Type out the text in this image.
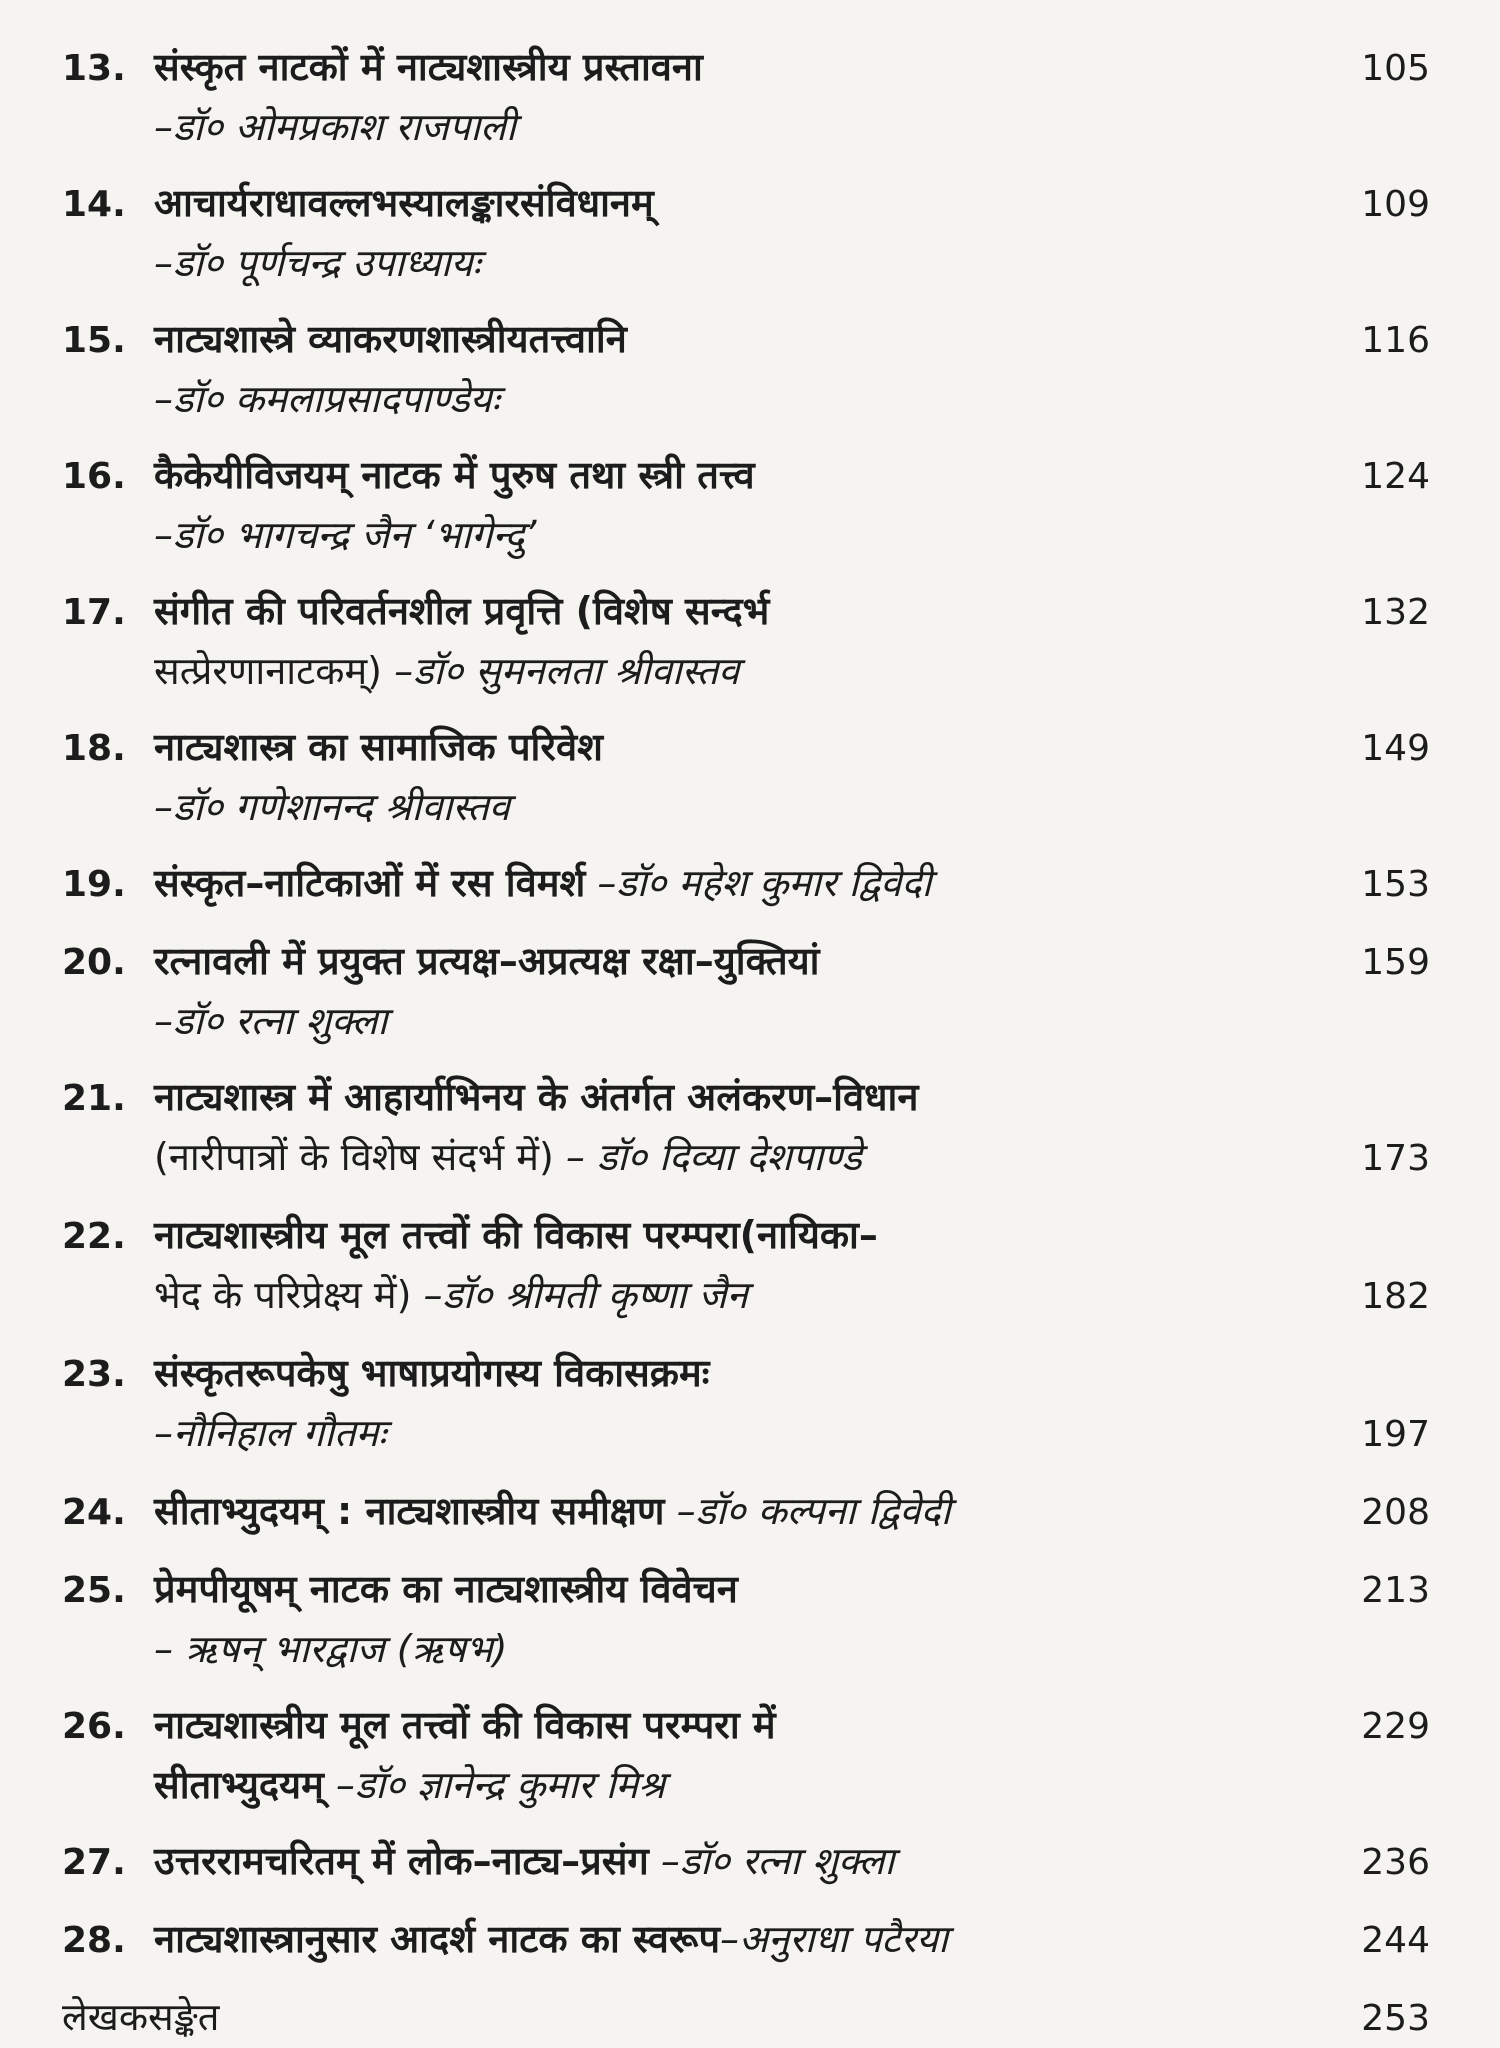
13. संस्कृत नाटकों में नाट्यशास्त्रीय प्रस्तावना	105
–डॉ० ओमप्रकाश राजपाली
14. आचार्यराधावल्लभस्यालङ्कारसंविधानम्	109
–डॉ० पूर्णचन्द्र उपाध्यायः
15. नाट्यशास्त्रे व्याकरणशास्त्रीयतत्त्वानि	116
–डॉ० कमलाप्रसादपाण्डेयः
16. कैकेयीविजयम् नाटक में पुरुष तथा स्त्री तत्त्व	124
–डॉ० भागचन्द्र जैन ‘भागेन्दु’
17. संगीत की परिवर्तनशील प्रवृत्ति (विशेष सन्दर्भ	132
सत्प्रेरणानाटकम्)
–डॉ० सुमनलता श्रीवास्तव
18. नाट्यशास्त्र का सामाजिक परिवेश	149
–डॉ० गणेशानन्द श्रीवास्तव
19. संस्कृत–नाटिकाओं में रस विमर्श
–डॉ० महेश कुमार द्विवेदी	153
20. रत्नावली में प्रयुक्त प्रत्यक्ष–अप्रत्यक्ष रक्षा–युक्तियां	159
–डॉ० रत्ना शुक्ला
21. नाट्यशास्त्र में आहार्याभिनय के अंतर्गत अलंकरण–विधान
(नारीपात्रों के विशेष संदर्भ में)
– डॉ० दिव्या देशपाण्डे	173
22. नाट्यशास्त्रीय मूल तत्त्वों की विकास परम्परा(नायिका–
भेद के परिप्रेक्ष्य में)
–डॉ० श्रीमती कृष्णा जैन	182
23. संस्कृतरूपकेषु भाषाप्रयोगस्य विकासक्रमः
–नौनिहाल गौतमः	197
24. सीताभ्युदयम् : नाट्यशास्त्रीय समीक्षण
–डॉ० कल्पना द्विवेदी	208
25. प्रेमपीयूषम् नाटक का नाट्यशास्त्रीय विवेचन	213
– ऋषन् भारद्वाज (ऋषभ)
26. नाट्यशास्त्रीय मूल तत्त्वों की विकास परम्परा में	229
सीताभ्युदयम्
–डॉ० ज्ञानेन्द्र कुमार मिश्र
27. उत्तररामचरितम् में लोक–नाट्य–प्रसंग
–डॉ० रत्ना शुक्ला	236
28. नाट्यशास्त्रानुसार आदर्श नाटक का स्वरूप –अनुराधा पटैरया	244
लेखकसङ्केत	253
